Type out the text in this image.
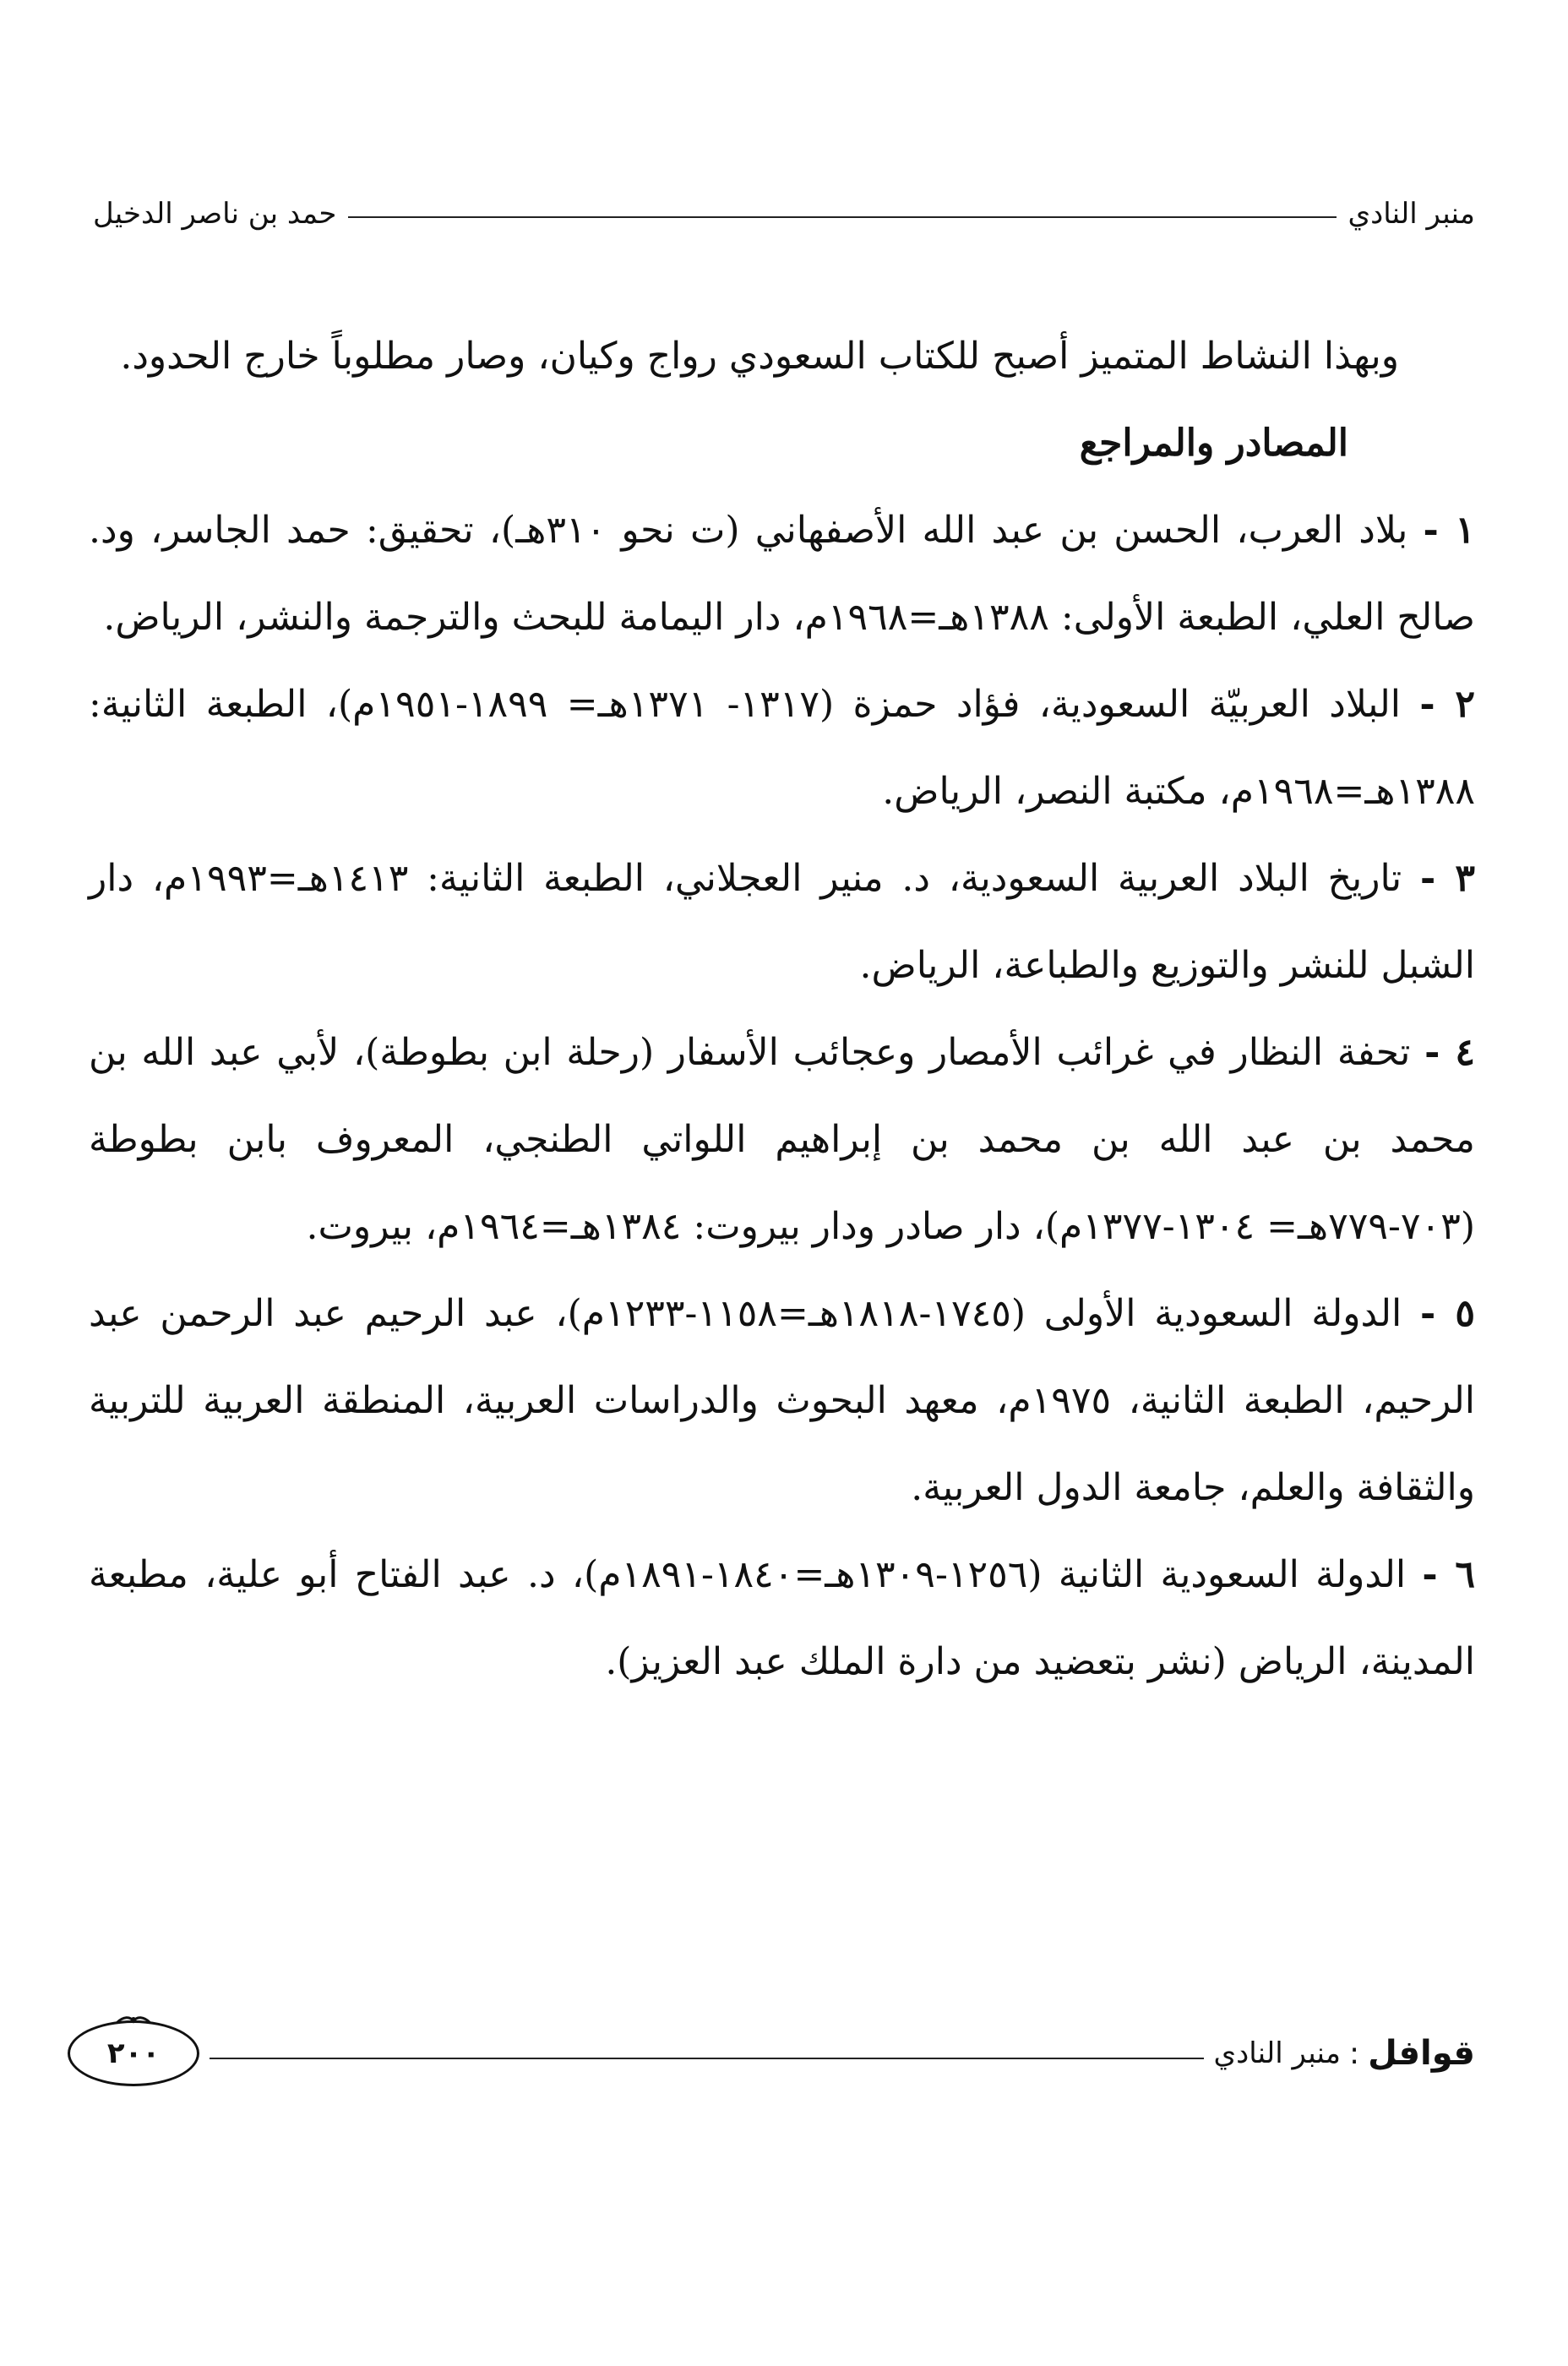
منبر النادي
حمد بن ناصر الدخيل

وبهذا النشاط المتميز أصبح للكتاب السعودي رواج وكيان، وصار مطلوباً خارج الحدود.

المصادر والمراجع

١ - بلاد العرب، الحسن بن عبد الله الأصفهاني (ت نحو ٣١٠هـ)، تحقيق: حمد الجاسر، ود. صالح العلي، الطبعة الأولى: ١٣٨٨هـ=١٩٦٨م، دار اليمامة للبحث والترجمة والنشر، الرياض.

٢ - البلاد العربيّة السعودية، فؤاد حمزة (١٣١٧- ١٣٧١هـ= ١٨٩٩-١٩٥١م)، الطبعة الثانية: ١٣٨٨هـ=١٩٦٨م، مكتبة النصر، الرياض.

٣ - تاريخ البلاد العربية السعودية، د. منير العجلاني، الطبعة الثانية: ١٤١٣هـ=١٩٩٣م، دار الشبل للنشر والتوزيع والطباعة، الرياض.

٤ - تحفة النظار في غرائب الأمصار وعجائب الأسفار (رحلة ابن بطوطة)، لأبي عبد الله بن محمد بن عبد الله بن محمد بن إبراهيم اللواتي الطنجي، المعروف بابن بطوطة (٧٠٣-٧٧٩هـ= ١٣٠٤-١٣٧٧م)، دار صادر ودار بيروت: ١٣٨٤هـ=١٩٦٤م، بيروت.

٥ - الدولة السعودية الأولى (١٧٤٥-١٨١٨هـ=١١٥٨-١٢٣٣م)، عبد الرحيم عبد الرحمن عبد الرحيم، الطبعة الثانية، ١٩٧٥م، معهد البحوث والدراسات العربية، المنطقة العربية للتربية والثقافة والعلم، جامعة الدول العربية.

٦ - الدولة السعودية الثانية (١٢٥٦-١٣٠٩هـ=١٨٤٠-١٨٩١م)، د. عبد الفتاح أبو علية، مطبعة المدينة، الرياض (نشر بتعضيد من دارة الملك عبد العزيز).

قوافل
:
منبر النادي
٢٠٠
